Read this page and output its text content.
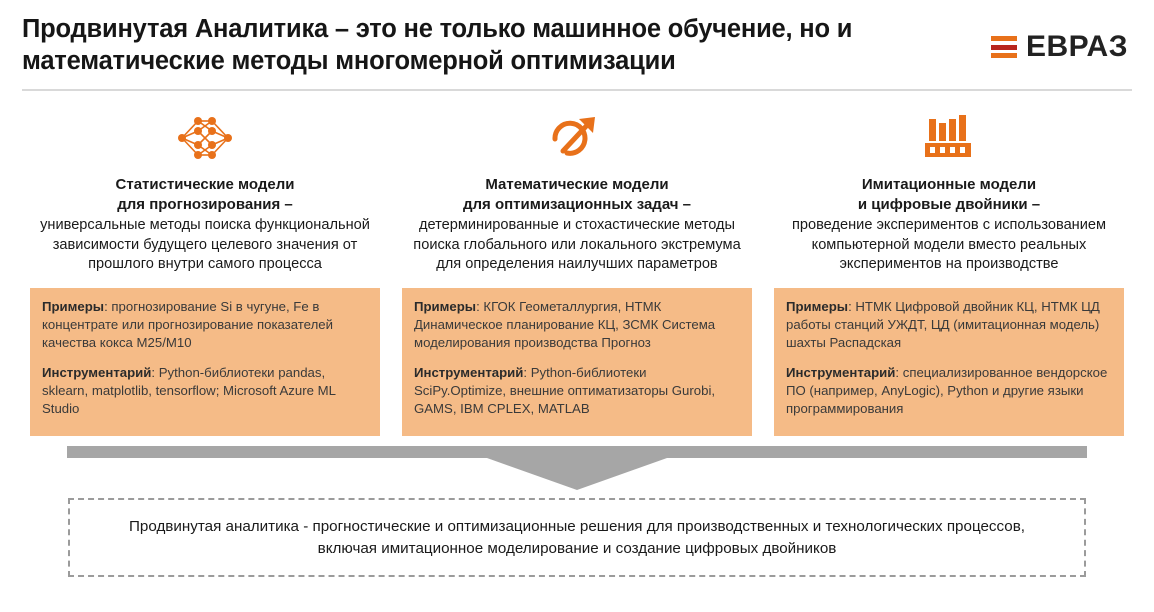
Продвинутая Аналитика – это не только машинное обучение, но и математические методы многомерной оптимизации	ЕВРАЗ
Статистические модели
для прогнозирования –
универсальные методы поиска функциональной зависимости будущего целевого значения от прошлого внутри самого процесса

Примеры: прогнозирование Si в чугуне, Fe в концентрате или прогнозирование показателей качества кокса М25/М10

Инструментарий: Python-библиотеки pandas, sklearn, matplotlib, tensorflow; Microsoft Azure ML Studio

Математические модели
для оптимизационных задач –
детерминированные и стохастические методы поиска глобального или локального экстремума для определения наилучших параметров

Примеры: КГОК Геометаллургия, НТМК Динамическое планирование КЦ, ЗСМК Система моделирования производства Прогноз

Инструментарий: Python-библиотеки SciPy.Optimize, внешние оптиматизаторы Gurobi, GAMS, IBM CPLEX, MATLAB

Имитационные модели
и цифровые двойники –
проведение экспериментов с использованием компьютерной модели вместо реальных экспериментов на производстве

Примеры: НТМК Цифровой двойник КЦ, НТМК ЦД работы станций УЖДТ, ЦД (имитационная модель) шахты Распадская

Инструментарий: специализированное вендорское ПО (например, AnyLogic), Python и другие языки программирования

Продвинутая аналитика - прогностические и оптимизационные решения для производственных и технологических процессов, включая имитационное моделирование и создание цифровых двойников
